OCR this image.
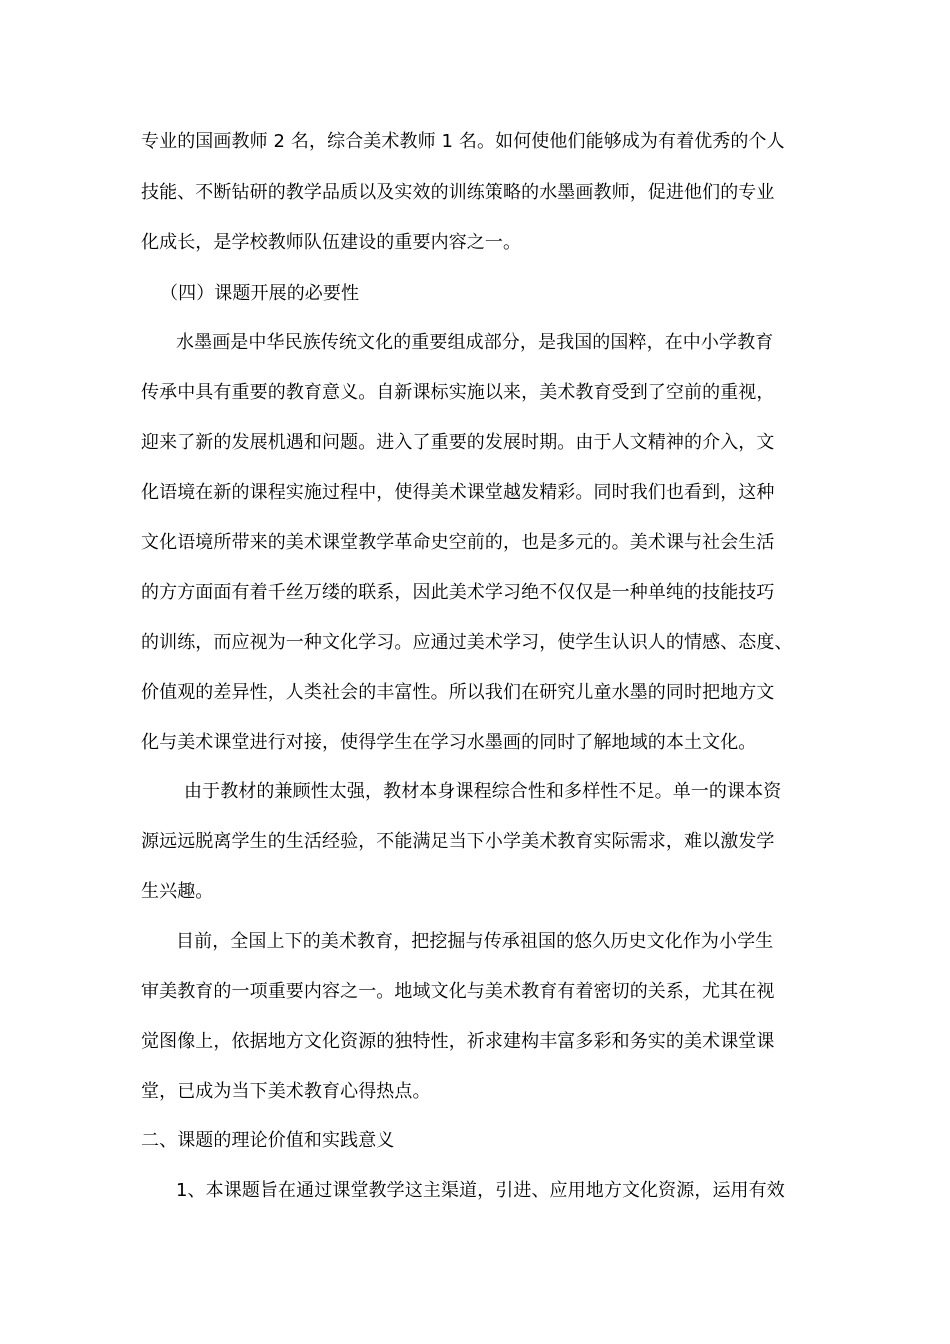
专业的国画教师 2 名，综合美术教师 1 名。如何使他们能够成为有着优秀的个人
技能、不断钻研的教学品质以及实效的训练策略的水墨画教师，促进他们的专业
化成长，是学校教师队伍建设的重要内容之一。
（四）课题开展的必要性
水墨画是中华民族传统文化的重要组成部分，是我国的国粹，在中小学教育
传承中具有重要的教育意义。自新课标实施以来，美术教育受到了空前的重视，
迎来了新的发展机遇和问题。进入了重要的发展时期。由于人文精神的介入，文
化语境在新的课程实施过程中，使得美术课堂越发精彩。同时我们也看到，这种
文化语境所带来的美术课堂教学革命史空前的，也是多元的。美术课与社会生活
的方方面面有着千丝万缕的联系，因此美术学习绝不仅仅是一种单纯的技能技巧
的训练，而应视为一种文化学习。应通过美术学习，使学生认识人的情感、态度、
价值观的差异性，人类社会的丰富性。所以我们在研究儿童水墨的同时把地方文
化与美术课堂进行对接，使得学生在学习水墨画的同时了解地域的本土文化。
由于教材的兼顾性太强，教材本身课程综合性和多样性不足。单一的课本资
源远远脱离学生的生活经验，不能满足当下小学美术教育实际需求，难以激发学
生兴趣。
目前，全国上下的美术教育，把挖掘与传承祖国的悠久历史文化作为小学生
审美教育的一项重要内容之一。地域文化与美术教育有着密切的关系，尤其在视
觉图像上，依据地方文化资源的独特性，祈求建构丰富多彩和务实的美术课堂课
堂，已成为当下美术教育心得热点。
二、课题的理论价值和实践意义
1、本课题旨在通过课堂教学这主渠道，引进、应用地方文化资源，运用有效
